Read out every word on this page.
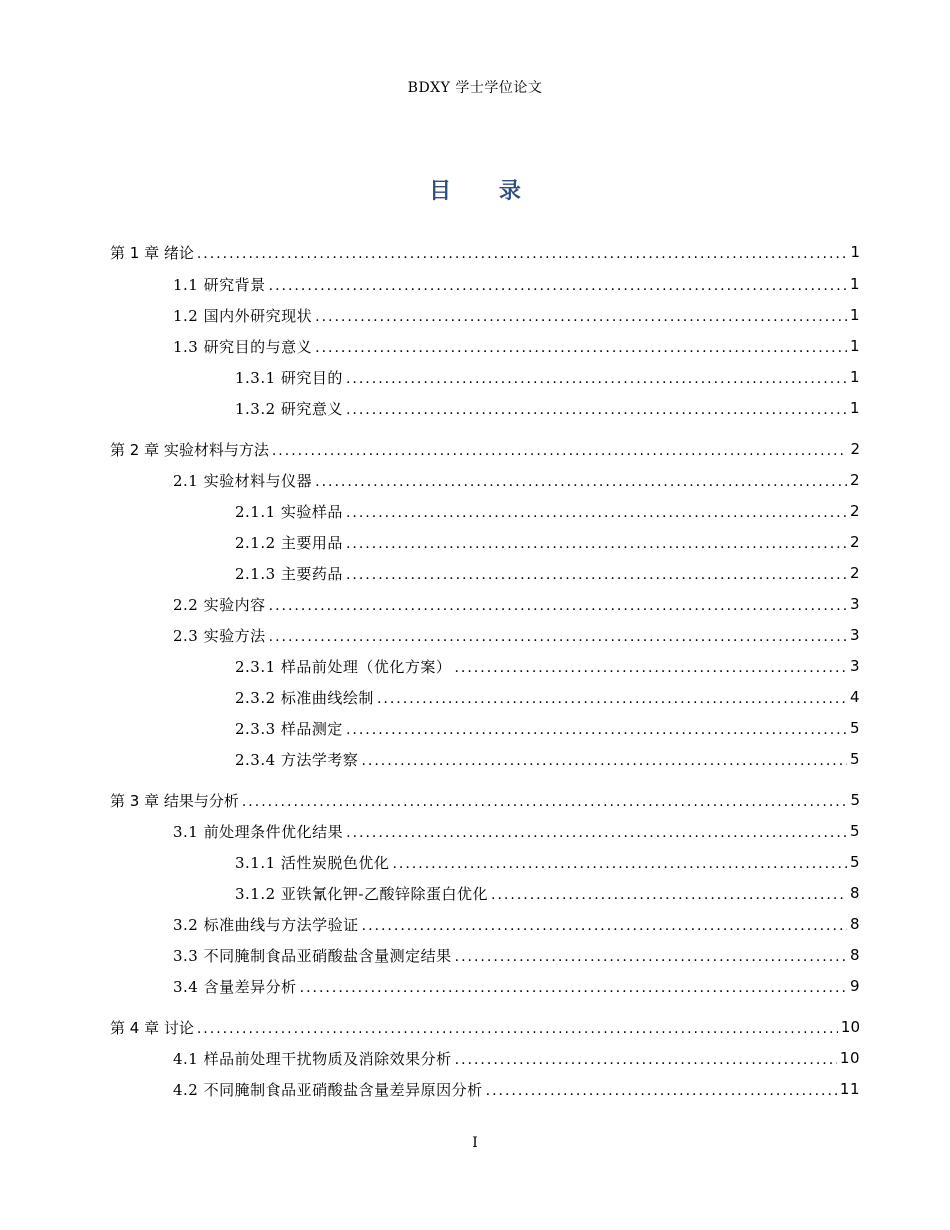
BDXY 学士学位论文
目 录
第 1 章 绪论 .....	1
1.1 研究背景 .....	1
1.2 国内外研究现状 .....	1
1.3 研究目的与意义 .....	1
1.3.1 研究目的 .....	1
1.3.2 研究意义 .....	1
第 2 章 实验材料与方法 .....	2
2.1 实验材料与仪器 .....	2
2.1.1 实验样品 .....	2
2.1.2 主要用品 .....	2
2.1.3 主要药品 .....	2
2.2 实验内容 .....	3
2.3 实验方法 .....	3
2.3.1 样品前处理（优化方案） .....	3
2.3.2 标准曲线绘制 .....	4
2.3.3 样品测定 .....	5
2.3.4 方法学考察 .....	5
第 3 章 结果与分析 .....	5
3.1 前处理条件优化结果 .....	5
3.1.1 活性炭脱色优化 .....	5
3.1.2 亚铁氰化钾-乙酸锌除蛋白优化 .....	8
3.2 标准曲线与方法学验证 .....	8
3.3 不同腌制食品亚硝酸盐含量测定结果 .....	8
3.4 含量差异分析 .....	9
第 4 章 讨论 .....	10
4.1 样品前处理干扰物质及消除效果分析 .....	10
4.2 不同腌制食品亚硝酸盐含量差异原因分析 .....	11
I
